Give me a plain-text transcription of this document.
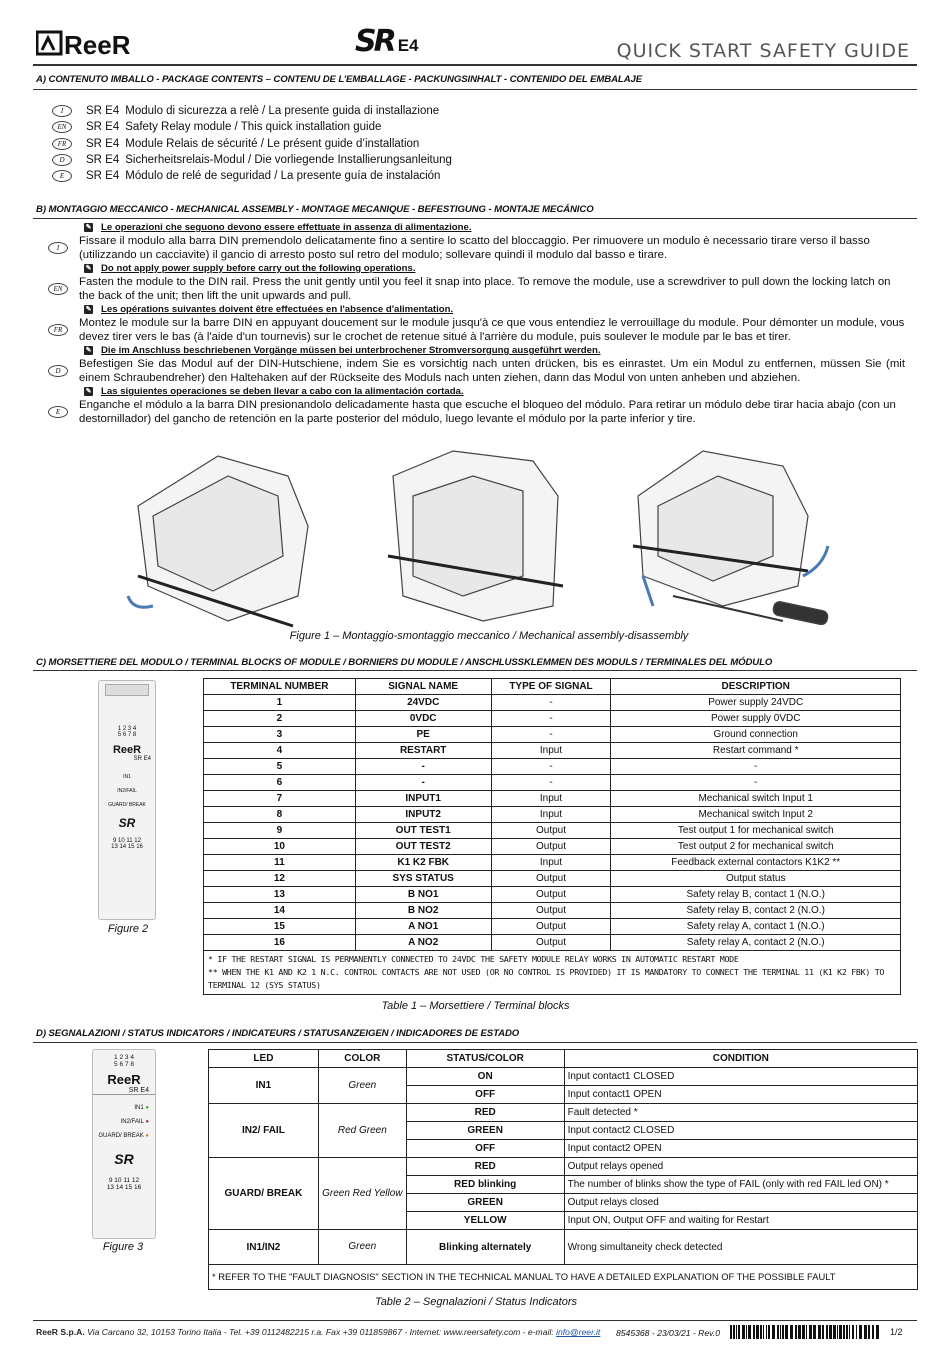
ReeR	SR E4	QUICK START SAFETY GUIDE
A) CONTENUTO IMBALLO - PACKAGE CONTENTS – CONTENU DE L’EMBALLAGE - PACKUNGSINHALT - CONTENIDO DEL EMBALAJE
I	SR E4 Modulo di sicurezza a relè / La presente guida di installazione
EN	SR E4 Safety Relay module / This quick installation guide
FR	SR E4 Module Relais de sécurité / Le présent guide d’installation
D	SR E4 Sicherheitsrelais-Modul / Die vorliegende Installierungsanleitung
E	SR E4 Módulo de relé de seguridad / La presente guía de instalación
B) MONTAGGIO MECCANICO - MECHANICAL ASSEMBLY - MONTAGE MECANIQUE - BEFESTIGUNG - MONTAJE MECÁNICO
✎ Le operazioni che seguono devono essere effettuate in assenza di alimentazione.
I
Fissare il modulo alla barra DIN premendolo delicatamente fino a sentire lo scatto del bloccaggio. Per rimuovere un modulo è necessario tirare verso il basso (utilizzando un cacciavite) il gancio di arresto posto sul retro del modulo; sollevare quindi il modulo dal basso e tirare.
✎ Do not apply power supply before carry out the following operations.
EN
Fasten the module to the DIN rail. Press the unit gently until you feel it snap into place. To remove the module, use a screwdriver to pull down the locking latch on the back of the unit; then lift the unit upwards and pull.
✎ Les opérations suivantes doivent être effectuées en l'absence d'alimentation.
FR
Montez le module sur la barre DIN en appuyant doucement sur le module jusqu'à ce que vous entendiez le verrouillage du module. Pour démonter un module, vous devez tirer vers le bas (à l'aide d'un tournevis) sur le crochet de retenue situé à l'arrière du module, puis soulever le module par le bas et tirer.
✎ Die im Anschluss beschriebenen Vorgänge müssen bei unterbrochener Stromversorgung ausgeführt werden.
D
Befestigen Sie das Modul auf der DIN-Hutschiene, indem Sie es vorsichtig nach unten drücken, bis es einrastet. Um ein Modul zu entfernen, müssen Sie (mit einem Schraubendreher) den Haltehaken auf der Rückseite des Moduls nach unten ziehen, dann das Modul von unten anheben und abziehen.
✎ Las siguientes operaciones se deben llevar a cabo con la alimentación cortada.
E
Enganche el módulo a la barra DIN presionandolo delicadamente hasta que escuche el bloqueo del módulo. Para retirar un módulo debe tirar hacia abajo (con un destornillador) del gancho de retención en la parte posterior del módulo, luego levante el módulo por la parte inferior y tire.
Figure 1 – Montaggio-smontaggio meccanico / Mechanical assembly-disassembly
C) MORSETTIERE DEL MODULO / TERMINAL BLOCKS OF MODULE / BORNIERS DU MODULE / ANSCHLUSSKLEMMEN DES MODULS / TERMINALES DEL MÓDULO
1 2 3 4
5 6 7 8
ReeR
SR E4
IN1
IN2/FAIL
GUARD/ BREAK
SR
9 10 11 12
13 14 15 16
Figure 2
TERMINAL NUMBER	SIGNAL NAME	TYPE OF SIGNAL	DESCRIPTION
1	24VDC	-	Power supply 24VDC
2	0VDC	-	Power supply 0VDC
3	PE	-	Ground connection
4	RESTART	Input	Restart command *
5	-	-	-
6	-	-	-
7	INPUT1	Input	Mechanical switch Input 1
8	INPUT2	Input	Mechanical switch Input 2
9	OUT TEST1	Output	Test output 1 for mechanical switch
10	OUT TEST2	Output	Test output 2 for mechanical switch
11	K1 K2 FBK	Input	Feedback external contactors K1K2 **
12	SYS STATUS	Output	Output status
13	B NO1	Output	Safety relay B, contact 1 (N.O.)
14	B NO2	Output	Safety relay B, contact 2 (N.O.)
15	A NO1	Output	Safety relay A, contact 1 (N.O.)
16	A NO2	Output	Safety relay A, contact 2 (N.O.)

* IF THE RESTART SIGNAL IS PERMANENTLY CONNECTED TO 24VDC THE SAFETY MODULE RELAY WORKS IN AUTOMATIC RESTART MODE
** WHEN THE K1 AND K2 1 N.C. CONTROL CONTACTS ARE NOT USED (OR NO CONTROL IS PROVIDED) IT IS MANDATORY TO CONNECT THE TERMINAL 11 (K1 K2 FBK) TO TERMINAL 12 (SYS STATUS)			
Table 1 – Morsettiere / Terminal blocks
D) SEGNALAZIONI / STATUS INDICATORS / INDICATEURS / STATUSANZEIGEN / INDICADORES DE ESTADO
1 2 3 4
5 6 7 8
ReeR
SR E4
IN1 ●
IN2/FAIL ●
GUARD/ BREAK ●
SR
9 10 11 12
13 14 15 16
Figure 3
LED	COLOR	STATUS/COLOR	CONDITION
IN1	Green	ON	Input contact1 CLOSED
		OFF	Input contact1 OPEN
IN2/ FAIL	Red Green	RED	Fault detected *
		GREEN	Input contact2 CLOSED
		OFF	Input contact2 OPEN
GUARD/ BREAK	Green Red Yellow	RED	Output relays opened
		RED blinking	The number of blinks show the type of FAIL (only with red FAIL led ON) *
		GREEN	Output relays closed
		YELLOW	Input ON, Output OFF and waiting for Restart
IN1/IN2	Green	Blinking alternately	Wrong simultaneity check detected
* REFER TO THE "FAULT DIAGNOSIS" SECTION IN THE TECHNICAL MANUAL TO HAVE A DETAILED EXPLANATION OF THE POSSIBLE FAULT			
Table 2 – Segnalazioni / Status Indicators
ReeR S.p.A. Via Carcano 32, 10153 Torino Italia - Tel. +39 0112482215 r.a. Fax +39 011859867 - Internet: www.reersafety.com - e-mail: info@reer.it 8545368 - 23/03/21 - Rev.0	1/2
